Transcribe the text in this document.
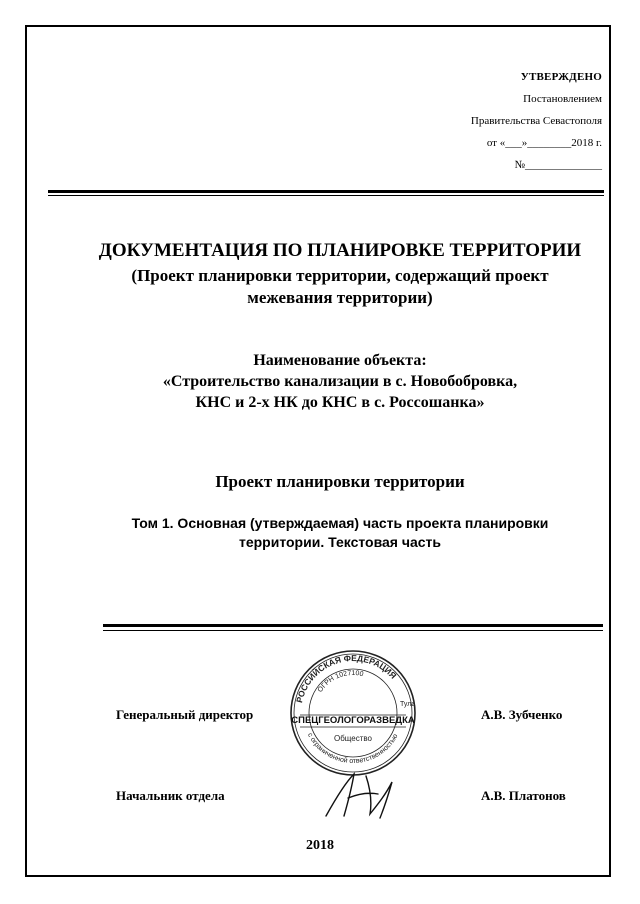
УТВЕРЖДЕНО
Постановлением
Правительства Севастополя
от «___»________2018 г.
№______________
ДОКУМЕНТАЦИЯ ПО ПЛАНИРОВКЕ ТЕРРИТОРИИ
(Проект планировки территории, содержащий проект
межевания территории)
Наименование объекта:
«Строительство канализации в с. Новобобровка,
КНС и 2-х НК до КНС в с. Россошанка»
Проект планировки территории
Том 1. Основная (утверждаемая) часть проекта планировки
территории. Текстовая часть
РОССИЙСКАЯ ФЕДЕРАЦИЯ
ОГРН 1027100
Тула
с ограниченной ответственностью
СПЕЦГЕОЛОГОРАЗВЕДКА
Общество
Генеральный директор	А.В. Зубченко
Начальник отдела	А.В. Платонов
2018
